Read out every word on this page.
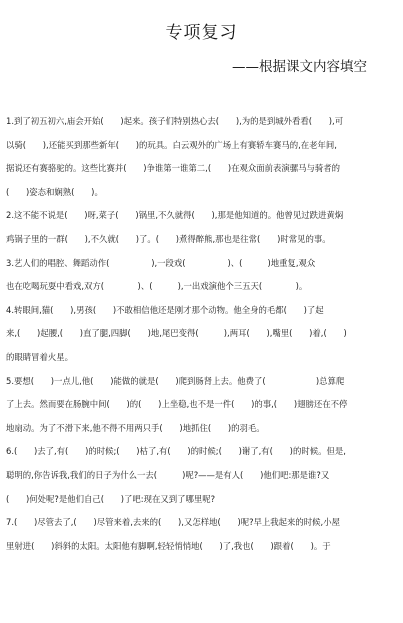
专项复习
——根据课文内容填空
1.到了初五初六,庙会开始(　　)起来。孩子们特别热心去(　　),为的是到城外看看(　　),可
以骑(　　),还能买到那些新年(　　)的玩具。白云观外的广场上有赛轿车赛马的,在老年间,
据说还有赛骆驼的。这些比赛并(　　)争谁第一谁第二,(　　)在观众面前表演骡马与骑者的
(　　)姿态和娴熟(　　)。
2.这不能不说是(　　)呀,菜子(　　)锅里,不久就得(　　),那是他知道的。他曾见过跌进黄焖
鸡锅子里的一群(　　),不久就(　　)了。(　　)煮得醉熊,那也是往常(　　)时常见的事。
3.艺人们的唱腔、舞蹈动作(　　　　　),一段戏(　　　　　)、(　　　)地重复,观众
也在吃喝玩耍中看戏,双方(　　　　)、(　　　),一出戏演他个三五天(　　　　)。
4.转眼间,猫(　　),男孩(　　)不敢相信他还是刚才那个动物。他全身的毛都(　　)了起
来,(　　)起腰,(　　)直了腿,四脚(　　)地,尾巴变得(　　　),两耳(　　),嘴里(　　)着,(　　)
的眼睛冒着火星。
5.要想(　　)一点儿,他(　　)能做的就是(　　)爬到肠肾上去。他费了(　　　　　　)总算爬
了上去。然而要在肠腕中间(　　)的(　　)上坐稳,也不是一件(　　)的事,(　　)翅膀还在不停
地扇动。为了不滑下来,他不得不用两只手(　　)地抓住(　　)的羽毛。
6.(　　)去了,有(　　)的时候;(　　)枯了,有(　　)的时候;(　　)谢了,有(　　)的时候。但是,
聪明的,你告诉我,我们的日子为什么一去(　　　)呢?——是有人(　　)他们吧:那是谁?又
(　　)何处呢?是他们自己(　　)了吧:现在又到了哪里呢?
7.(　　)尽管去了,(　　)尽管来着,去来的(　　),又怎样地(　　)呢?早上我起来的时候,小屋
里射进(　　)斜斜的太阳。太阳他有脚啊,轻轻悄悄地(　　)了,我也(　　)跟着(　　)。于
